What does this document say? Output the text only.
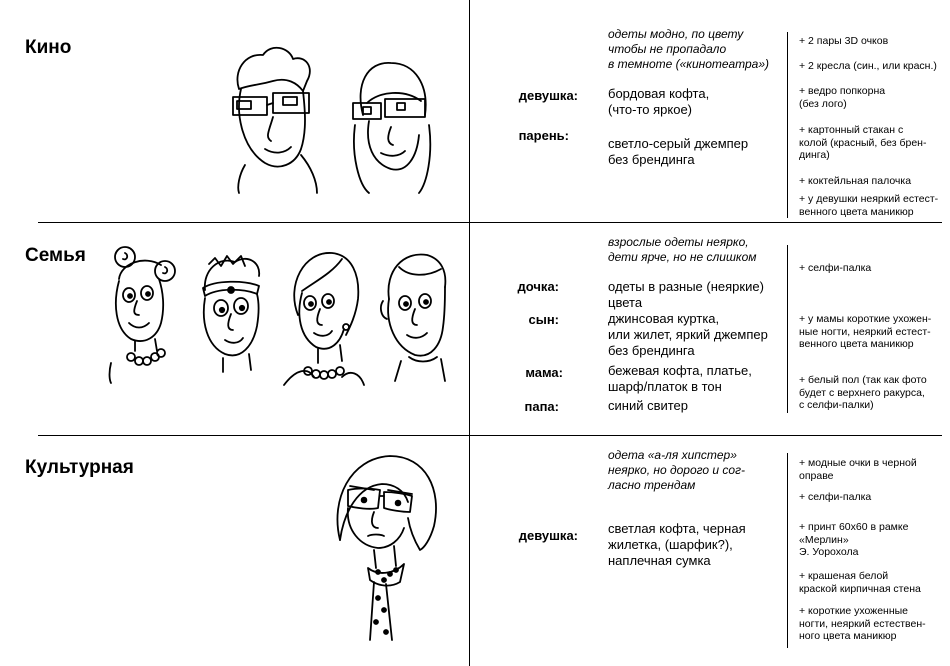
Кино
одеты модно, по цвету
чтобы не пропадало
в темноте («кинотеатра»)
девушка: бордовая кофта,
(что-то яркое)
парень:
светло-серый джемпер
без брендинга
+ 2 пары 3D очков
+ 2 кресла (син., или красн.)
+ ведро попкорна
(без лого)
+ картонный стакан с
колой (красный, без брен-
динга)
+ коктейльная палочка
+ у девушки неяркий естест-
венного цвета маникюр
Семья
взрослые одеты неярко,
дети ярче, но не слишком
дочка:	одеты в разные (неяркие)
цвета
сын:	джинсовая куртка,
или жилет, яркий джемпер
без брендинга
мама:	бежевая кофта, платье,
шарф/платок в тон
папа:	синий свитер
+ селфи-палка
+ у мамы короткие ухожен-
ные ногти, неяркий естест-
венного цвета маникюр
+ белый пол (так как фото
будет с верхнего ракурса,
с селфи-палки)
Культурная
одета «а-ля хипстер»
неярко, но дорого и сог-
ласно трендам
девушка: светлая кофта, черная
жилетка, (шарфик?),
наплечная сумка
+ модные очки в черной
оправе
+ селфи-палка
+ принт 60х60 в рамке
«Мерлин»
Э. Уорохола
+ крашеная белой
краской кирпичная стена
+ короткие ухоженные
ногти, неяркий естествен-
ного цвета маникюр
